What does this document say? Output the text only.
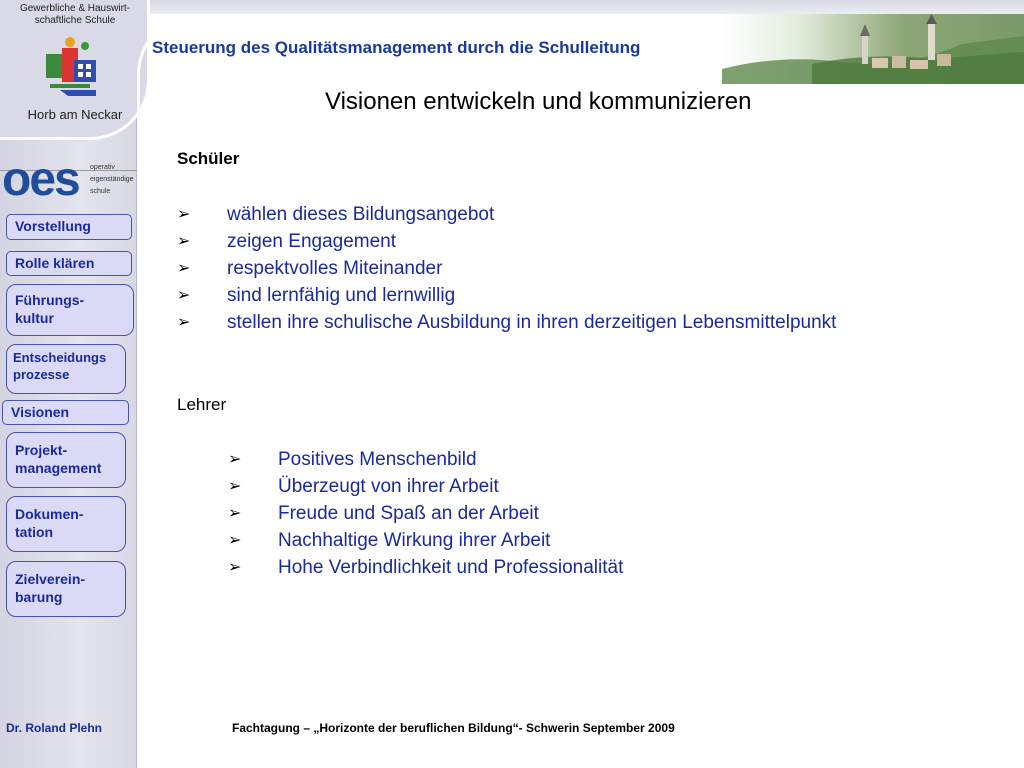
Gewerbliche & Hauswirt-schaftliche Schule
Horb am Neckar
oes operativ
eigenständige
schule
Vorstellung
Rolle klären
Führungs-
kultur
Entscheidungs
prozesse
Visionen
Projekt-
management
Dokumen-
tation
Zielverein-
barung
Dr. Roland Plehn
Steuerung des Qualitätsmanagement durch die Schulleitung
Visionen entwickeln und kommunizieren
Schüler
➢ wählen dieses Bildungsangebot
➢ zeigen Engagement
➢ respektvolles Miteinander
➢ sind lernfähig und lernwillig
➢ stellen ihre schulische Ausbildung in ihren derzeitigen Lebensmittelpunkt
Lehrer
➢ Positives Menschenbild
➢ Überzeugt von ihrer Arbeit
➢ Freude und Spaß an der Arbeit
➢ Nachhaltige Wirkung ihrer Arbeit
➢ Hohe Verbindlichkeit und Professionalität
Fachtagung – „Horizonte der beruflichen Bildung“- Schwerin September 2009
